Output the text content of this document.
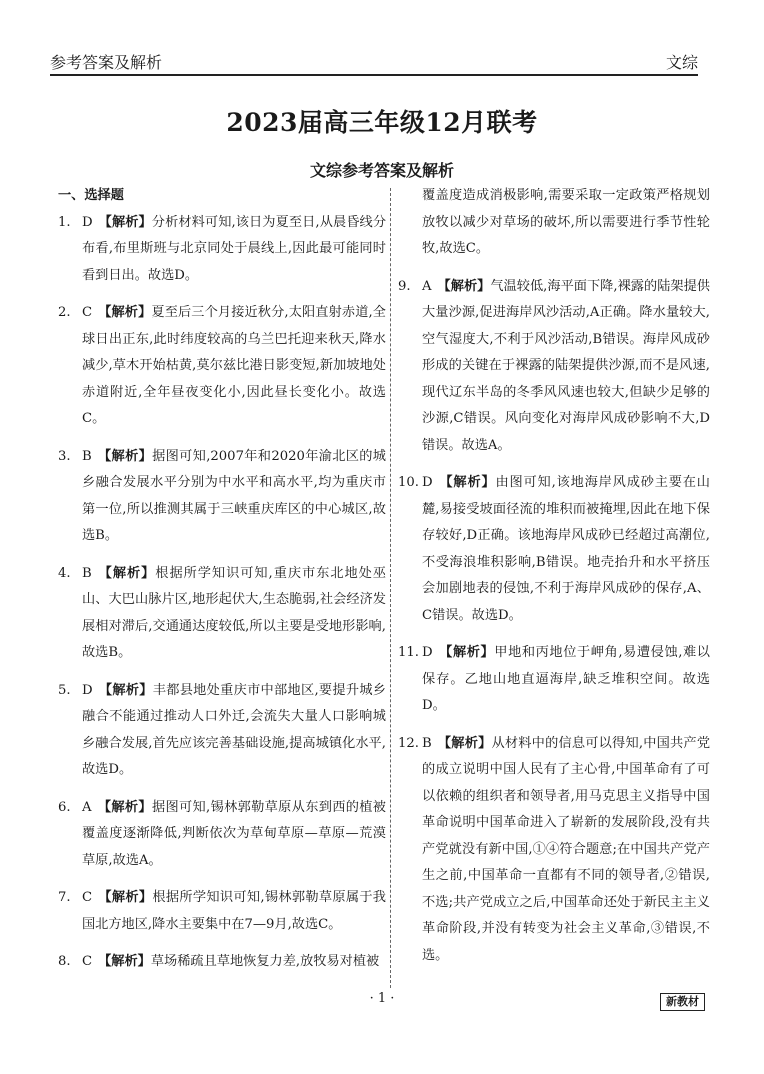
参考答案及解析	文综
2023届高三年级12月联考
文综参考答案及解析
一、选择题
1. D 【解析】分析材料可知,该日为夏至日,从晨昏线分布看,布里斯班与北京同处于晨线上,因此最可能同时看到日出。故选D。
2. C 【解析】夏至后三个月接近秋分,太阳直射赤道,全球日出正东,此时纬度较高的乌兰巴托迎来秋天,降水减少,草木开始枯黄,莫尔兹比港日影变短,新加坡地处赤道附近,全年昼夜变化小,因此昼长变化小。故选C。
3. B 【解析】据图可知,2007年和2020年渝北区的城乡融合发展水平分别为中水平和高水平,均为重庆市第一位,所以推测其属于三峡重庆库区的中心城区,故选B。
4. B 【解析】根据所学知识可知,重庆市东北地处巫山、大巴山脉片区,地形起伏大,生态脆弱,社会经济发展相对滞后,交通通达度较低,所以主要是受地形影响,故选B。
5. D 【解析】丰都县地处重庆市中部地区,要提升城乡融合不能通过推动人口外迁,会流失大量人口影响城乡融合发展,首先应该完善基础设施,提高城镇化水平,故选D。
6. A 【解析】据图可知,锡林郭勒草原从东到西的植被覆盖度逐渐降低,判断依次为草甸草原—草原—荒漠草原,故选A。
7. C 【解析】根据所学知识可知,锡林郭勒草原属于我国北方地区,降水主要集中在7—9月,故选C。
8. C 【解析】草场稀疏且草地恢复力差,放牧易对植被
覆盖度造成消极影响,需要采取一定政策严格规划放牧以减少对草场的破坏,所以需要进行季节性轮牧,故选C。
9. A 【解析】气温较低,海平面下降,裸露的陆架提供大量沙源,促进海岸风沙活动,A正确。降水量较大,空气湿度大,不利于风沙活动,B错误。海岸风成砂形成的关键在于裸露的陆架提供沙源,而不是风速,现代辽东半岛的冬季风风速也较大,但缺少足够的沙源,C错误。风向变化对海岸风成砂影响不大,D错误。故选A。
10. D 【解析】由图可知,该地海岸风成砂主要在山麓,易接受坡面径流的堆积而被掩埋,因此在地下保存较好,D正确。该地海岸风成砂已经超过高潮位,不受海浪堆积影响,B错误。地壳抬升和水平挤压会加剧地表的侵蚀,不利于海岸风成砂的保存,A、C错误。故选D。
11. D 【解析】甲地和丙地位于岬角,易遭侵蚀,难以保存。乙地山地直逼海岸,缺乏堆积空间。故选D。
12. B 【解析】从材料中的信息可以得知,中国共产党的成立说明中国人民有了主心骨,中国革命有了可以依赖的组织者和领导者,用马克思主义指导中国革命说明中国革命进入了崭新的发展阶段,没有共产党就没有新中国,①④符合题意;在中国共产党产生之前,中国革命一直都有不同的领导者,②错误,不选;共产党成立之后,中国革命还处于新民主主义革命阶段,并没有转变为社会主义革命,③错误,不选。
· 1 ·	新教材
